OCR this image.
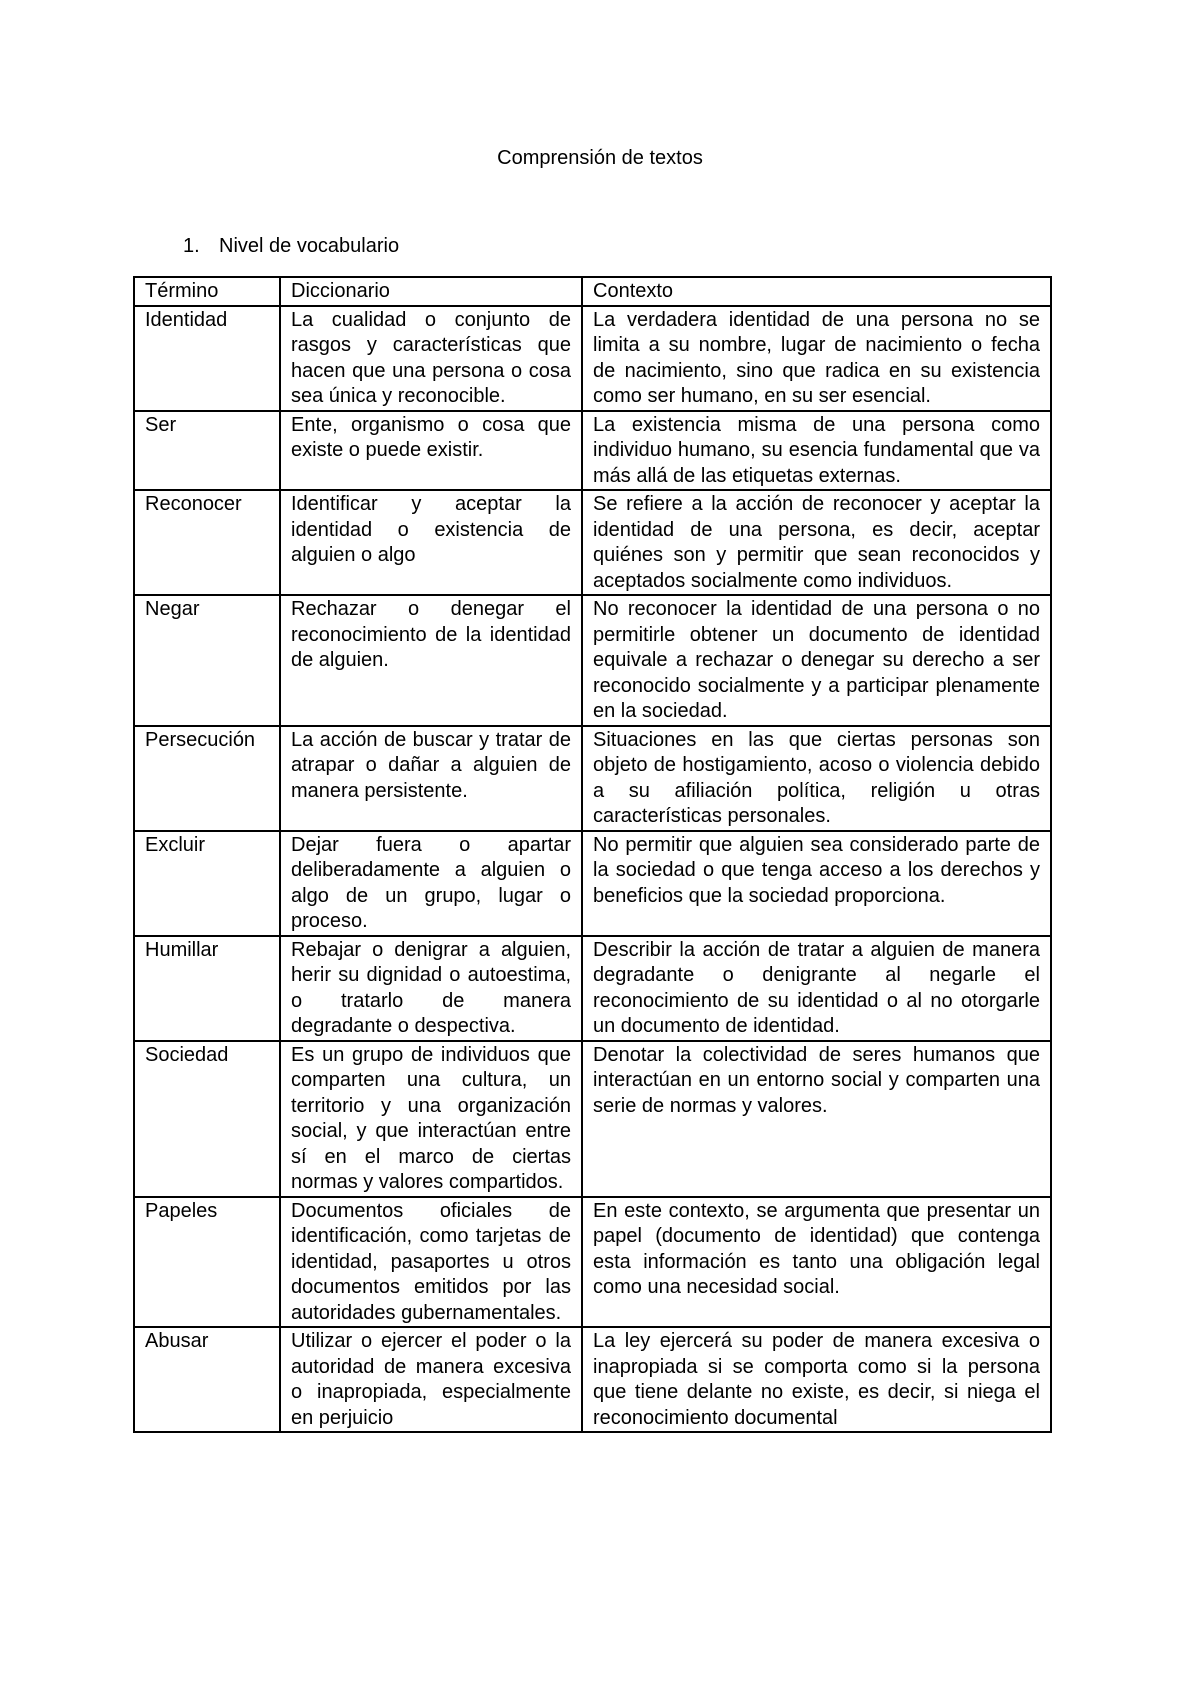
Comprensión de textos
1. Nivel de vocabulario
Término	Diccionario	Contexto
Identidad	La cualidad o conjunto de rasgos y características que hacen que una persona o cosa sea única y reconocible.	La verdadera identidad de una persona no se limita a su nombre, lugar de nacimiento o fecha de nacimiento, sino que radica en su existencia como ser humano, en su ser esencial.
Ser	Ente, organismo o cosa que existe o puede existir.	La existencia misma de una persona como individuo humano, su esencia fundamental que va más allá de las etiquetas externas.
Reconocer	Identificar y aceptar la identidad o existencia de alguien o algo	Se refiere a la acción de reconocer y aceptar la identidad de una persona, es decir, aceptar quiénes son y permitir que sean reconocidos y aceptados socialmente como individuos.
Negar	Rechazar o denegar el reconocimiento de la identidad de alguien.	No reconocer la identidad de una persona o no permitirle obtener un documento de identidad equivale a rechazar o denegar su derecho a ser reconocido socialmente y a participar plenamente en la sociedad.
Persecución	La acción de buscar y tratar de atrapar o dañar a alguien de manera persistente.	Situaciones en las que ciertas personas son objeto de hostigamiento, acoso o violencia debido a su afiliación política, religión u otras características personales.
Excluir	Dejar fuera o apartar deliberadamente a alguien o algo de un grupo, lugar o proceso.	No permitir que alguien sea considerado parte de la sociedad o que tenga acceso a los derechos y beneficios que la sociedad proporciona.
Humillar	Rebajar o denigrar a alguien, herir su dignidad o autoestima, o tratarlo de manera degradante o despectiva.	Describir la acción de tratar a alguien de manera degradante o denigrante al negarle el reconocimiento de su identidad o al no otorgarle un documento de identidad.
Sociedad	Es un grupo de individuos que comparten una cultura, un territorio y una organización social, y que interactúan entre sí en el marco de ciertas normas y valores compartidos.	Denotar la colectividad de seres humanos que interactúan en un entorno social y comparten una serie de normas y valores.
Papeles	Documentos oficiales de identificación, como tarjetas de identidad, pasaportes u otros documentos emitidos por las autoridades gubernamentales.	En este contexto, se argumenta que presentar un papel (documento de identidad) que contenga esta información es tanto una obligación legal como una necesidad social.
Abusar	Utilizar o ejercer el poder o la autoridad de manera excesiva o inapropiada, especialmente en perjuicio	La ley ejercerá su poder de manera excesiva o inapropiada si se comporta como si la persona que tiene delante no existe, es decir, si niega el reconocimiento documental
